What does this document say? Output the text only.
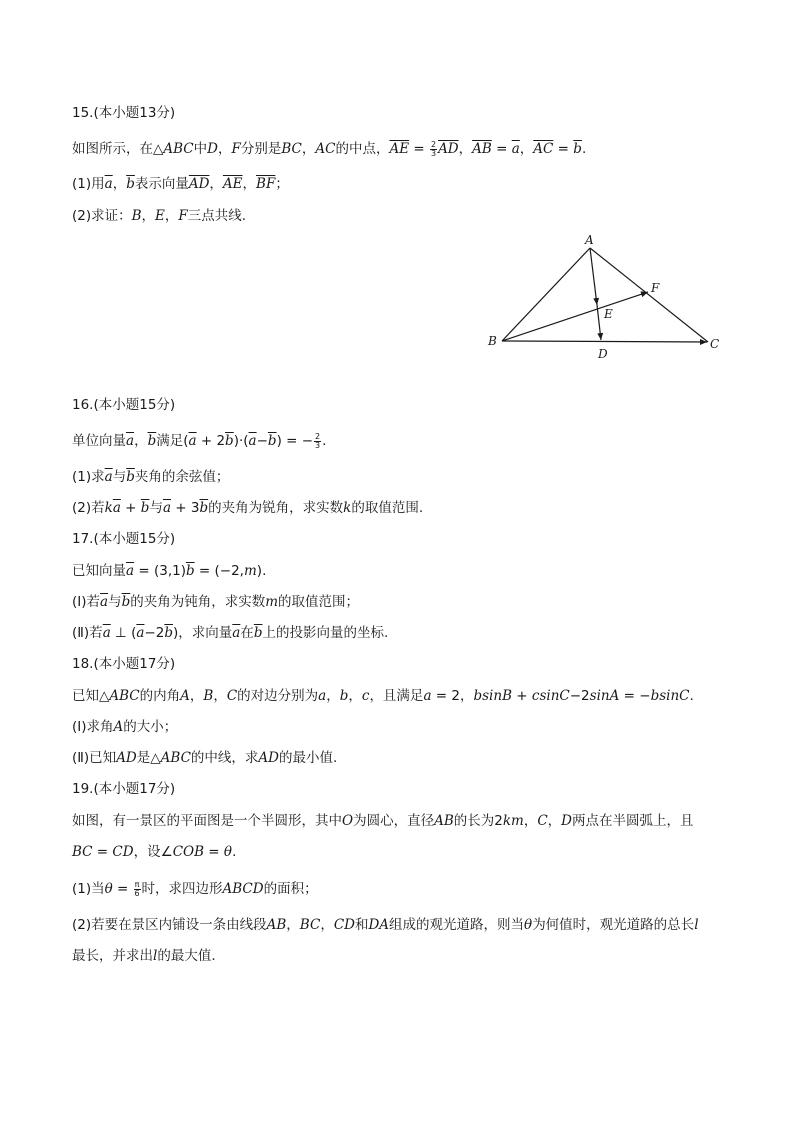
15.(本小题13分)
如图所示，在△ABC中D，F分别是BC，AC的中点，$\overline{AE} = \frac{2}{3} \overline{AD}$，$\overline{AB} = \overline{a}$，$\overline{AC} = \overline{b}$.
(1)用$\overline{a}$，$\overline{b}$表示向量$\overline{AD}$，$\overline{AE}$，$\overline{BF}$；
(2)求证：B，E，F三点共线.
A
B	C
D
E
F
16.(本小题15分)
单位向量$\overline{a}$，$\overline{b}$满足$(\overline{a} + 2\overline{b})\cdot(\overline{a}-\overline{b})$ = − $\frac{2}{3}$ .
(1)求$\overline{a}$与$\overline{b}$夹角的余弦值；
(2)若$k\overline{a} + \overline{b}$与$\overline{a} + 3\overline{b}$的夹角为锐角，求实数k的取值范围.
17.(本小题15分)
已知向量$\overline{a} = (3,1)\overline{b} = (-2,m)$.
(Ⅰ)若$\overline{a}$与$\overline{b}$的夹角为钝角，求实数m的取值范围；
(Ⅱ)若$\overline{a}$ ⊥ $(\overline{a}-2\overline{b})$，求向量$\overline{a}$在$\overline{b}$上的投影向量的坐标.
18.(本小题17分)
已知△ABC的内角A，B，C的对边分别为a，b，c，且满足a = 2，bsinB + csinC−2sinA = −bsinC.
(Ⅰ)求角A的大小；
(Ⅱ)已知AD是△ABC的中线，求AD的最小值.
19.(本小题17分)
如图，有一景区的平面图是一个半圆形，其中O为圆心，直径AB的长为2km，C，D两点在半圆弧上，且
BC = CD，设∠COB = θ.
(1)当$\theta = \frac{\pi}{6}$ 时，求四边形ABCD的面积；
(2)若要在景区内铺设一条由线段AB，BC，CD和DA组成的观光道路，则当θ为何值时，观光道路的总长l
最长，并求出l的最大值.
